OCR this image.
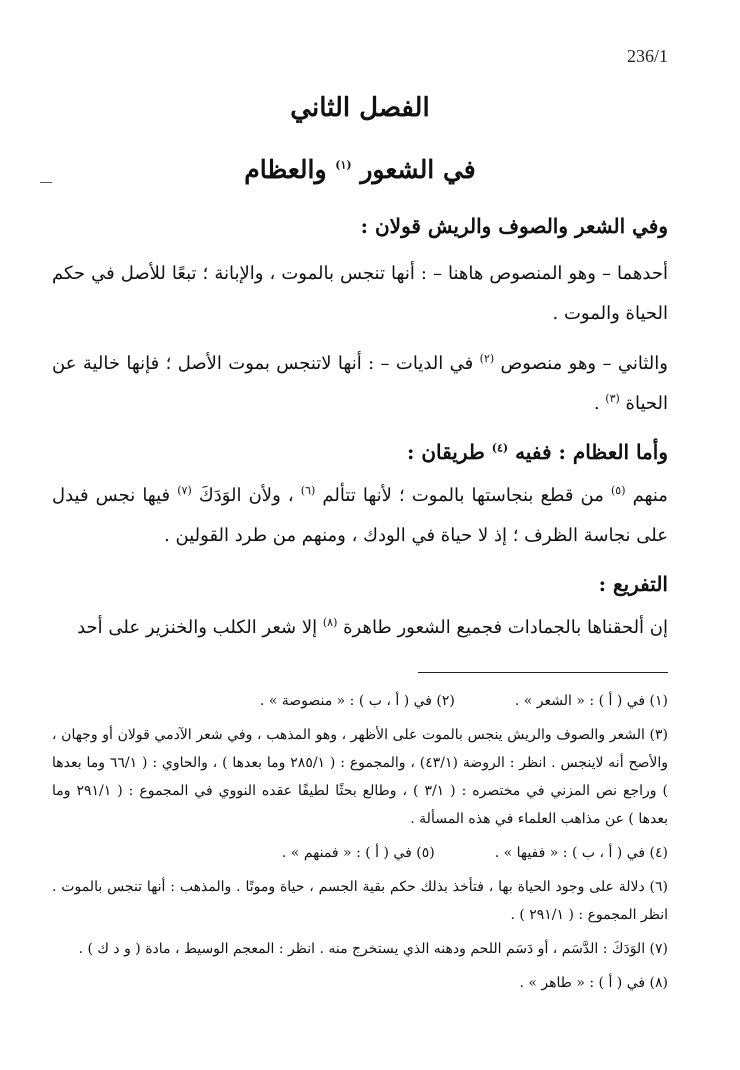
236/1
الفصل الثاني
في الشعور $^{(١)}$ والعظام
وفي الشعر والصوف والريش قولان :

أحدهما – وهو المنصوص هاهنا – : أنها تنجس بالموت ، والإبانة ؛ تبعًا للأصل في حكم الحياة والموت .

والثاني – وهو منصوص $^{(٢)}$ في الديات – : أنها لاتنجس بموت الأصل ؛ فإنها خالية عن الحياة $^{(٣)}$ .

وأما العظام : ففيه $^{(٤)}$ طريقان :

منهم $^{(٥)}$ من قطع بنجاستها بالموت ؛ لأنها تتألم $^{(٦)}$ ، ولأن الوَدَكَ $^{(٧)}$ فيها نجس فيدل على نجاسة الظرف ؛ إذ لا حياة في الودك ، ومنهم من طرد القولين .

التفريع :

إن ألحقناها بالجمادات فجميع الشعور طاهرة $^{(٨)}$ إلا شعر الكلب والخنزير على أحد

(١) في ( أ ) : « الشعر » .
(٢) في ( أ ، ب ) : « منصوصة » .

(٣) الشعر والصوف والريش ينجس بالموت على الأظهر ، وهو المذهب ، وفي شعر الآدمي قولان أو وجهان ، والأصح أنه لاينجس . انظر : الروضة (٤٣/١) ، والمجموع : ( ٢٨٥/١ وما بعدها ) ، والحاوي : ( ٦٦/١ وما بعدها ) وراجع نص المزني في مختصره : ( ٣/١ ) ، وطالع بحثًا لطيفًا عقده النووي في المجموع : ( ٢٩١/١ وما بعدها ) عن مذاهب العلماء في هذه المسألة .

(٤) في ( أ ، ب ) : « ففيها » .
(٥) في ( أ ) : « فمنهم » .

(٦) دلالة على وجود الحياة بها ، فتأخذ بذلك حكم بقية الجسم ، حياة وموتًا . والمذهب : أنها تنجس بالموت . انظر المجموع : ( ٢٩١/١ ) .

(٧) الوَدَكَ : الدَّسَم ، أو دَسَم اللحم ودهنه الذي يستخرج منه . انظر : المعجم الوسيط ، مادة ( و د ك ) .

(٨) في ( أ ) : « طاهر » .
